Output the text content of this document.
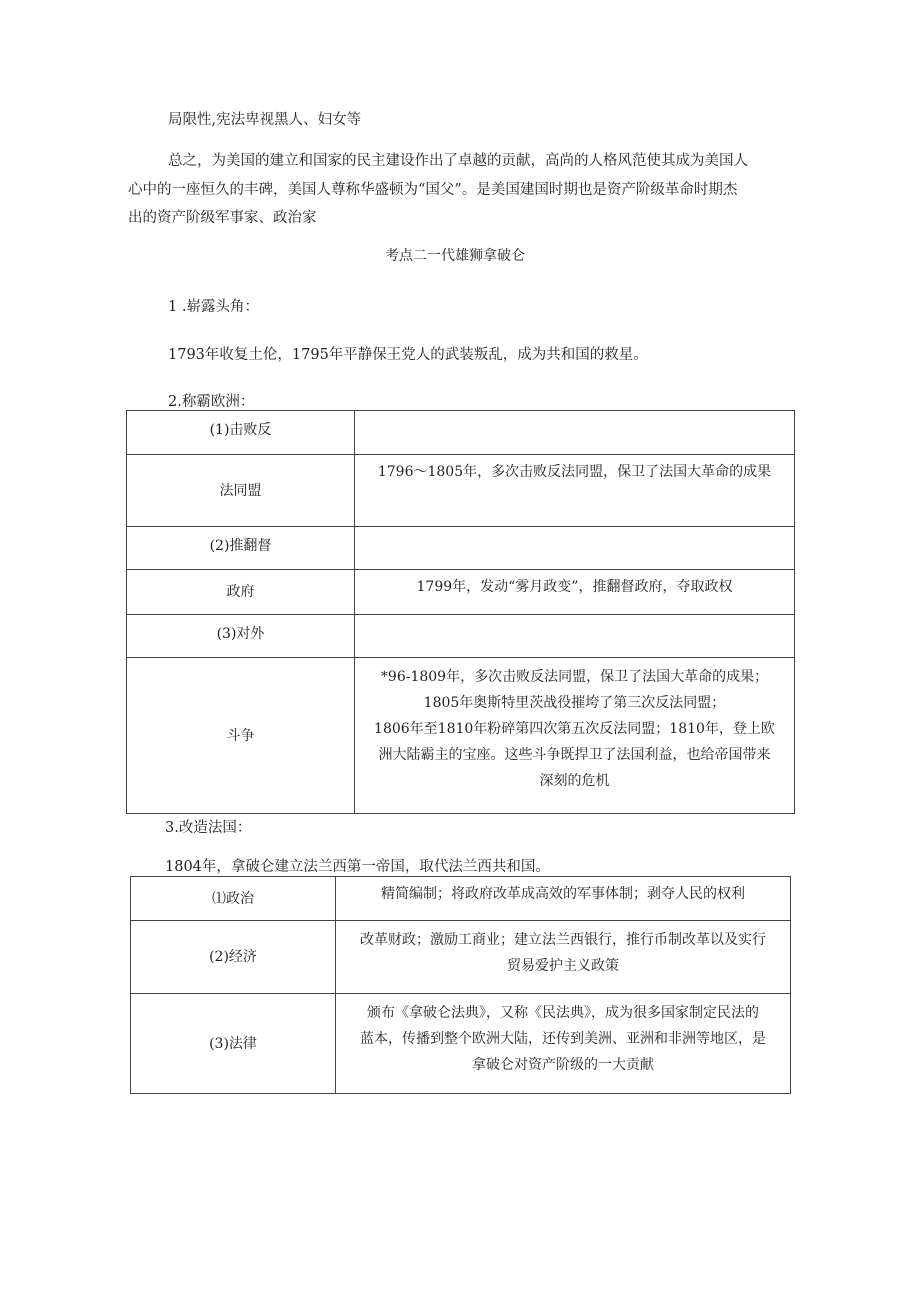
局限性,宪法卑视黑人、妇女等
总之，为美国的建立和国家的民主建设作出了卓越的贡献，高尚的人格风范使其成为美国人
心中的一座恒久的丰碑，美国人尊称华盛顿为“国父”。是美国建国时期也是资产阶级革命时期杰
出的资产阶级军事家、政治家
考点二一代雄狮拿破仑
1 .崭露头角：
1793年收复土伦，1795年平静保王党人的武装叛乱，成为共和国的救星。
2.称霸欧洲：
(1)击败反	
法同盟	1796～1805年，多次击败反法同盟，保卫了法国大革命的成果
(2)推翻督	
政府	1799年，发动“雾月政变”，推翻督政府，夺取政权
(3)对外	
斗争	*96-1809年，多次击败反法同盟，保卫了法国大革命的成果；
1805年奥斯特里茨战役摧垮了第三次反法同盟；
1806年至1810年粉碎第四次第五次反法同盟；1810年，登上欧
洲大陆霸主的宝座。这些斗争既捍卫了法国利益，也给帝国带来
深刻的危机
3.改造法国：
1804年，拿破仑建立法兰西第一帝国，取代法兰西共和国。
⑴政治	精简编制；将政府改革成高效的军事体制；剥夺人民的权利

(2)经济	改革财政；激励工商业；建立法兰西银行，推行币制改革以及实行
贸易爱护主义政策

(3)法律	颁布《拿破仑法典》，又称《民法典》，成为很多国家制定民法的
蓝本，传播到整个欧洲大陆，还传到美洲、亚洲和非洲等地区，是
拿破仑对资产阶级的一大贡献
